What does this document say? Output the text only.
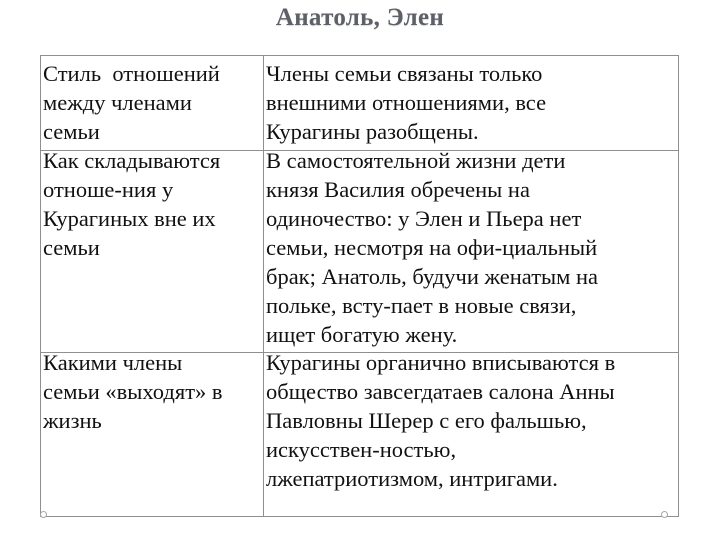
Анатоль, Элен
Стиль  отношений
между членами
семьи
Члены семьи связаны только
внешними отношениями, все
Курагины разобщены.
Как складываются
отноше-ния у
Курагиных вне их
семьи
В самостоятельной жизни дети
князя Василия обречены на
одиночество: у Элен и Пьера нет
семьи, несмотря на офи-циальный
брак; Анатоль, будучи женатым на
польке, всту-пает в новые связи,
ищет богатую жену.
Какими члены
семьи «выходят» в
жизнь
Курагины органично вписываются в
общество завсегдатаев салона Анны
Павловны Шерер с его фальшью,
искусствен-ностью,
лжепатриотизмом, интригами.
